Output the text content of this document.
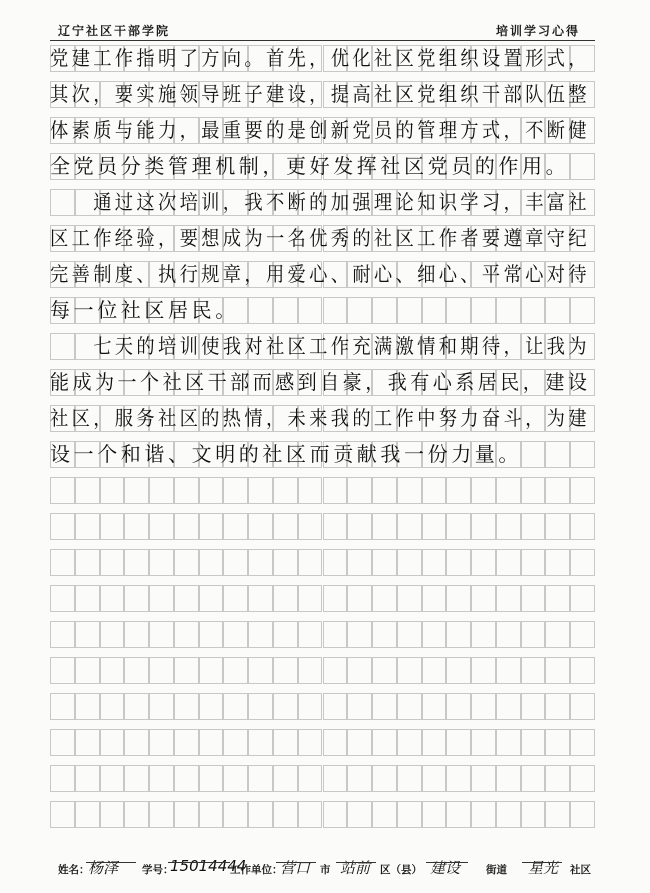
辽宁社区干部学院	培训学习心得
党建工作指明了方向。首先，优化社区党组织设置形式，
其次，要实施领导班子建设，提高社区党组织干部队伍整
体素质与能力，最重要的是创新党员的管理方式，不断健
全党员分类管理机制，更好发挥社区党员的作用。
　　通过这次培训，我不断的加强理论知识学习，丰富社
区工作经验，要想成为一名优秀的社区工作者要遵章守纪
完善制度、执行规章，用爱心、耐心、细心、平常心对待
每一位社区居民。
　　七天的培训使我对社区工作充满激情和期待，让我为
能成为一个社区干部而感到自豪，我有心系居民，建设
社区，服务社区的热情，未来我的工作中努力奋斗，为建
设一个和谐、文明的社区而贡献我一份力量。
姓名：
杨泽 学号：
15014444
工作单位：
营口 市 站前 区（县） 建设 街道 星光 社区
